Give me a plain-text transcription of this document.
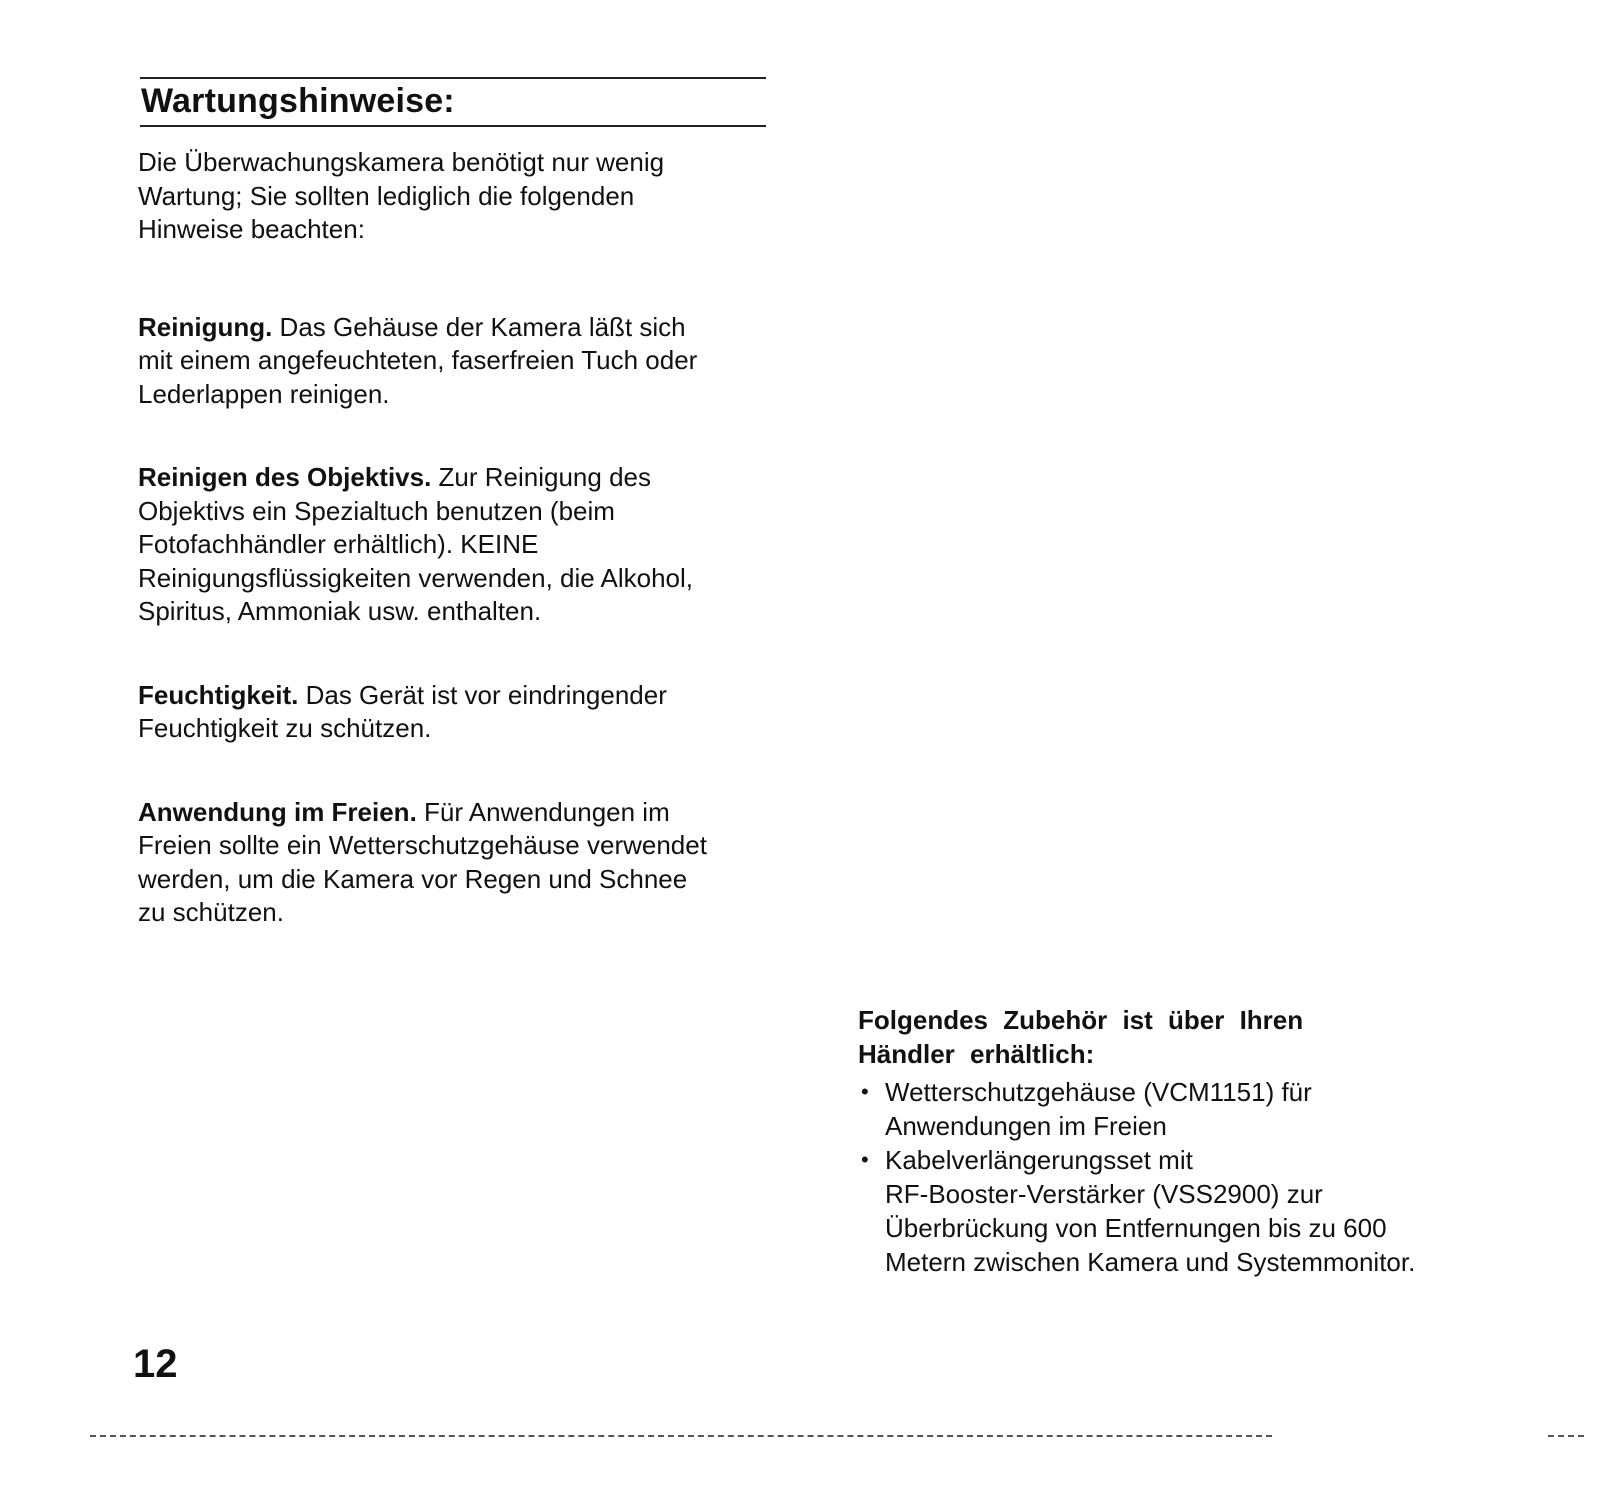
Wartungshinweise:

Die Überwachungskamera benötigt nur wenig
Wartung; Sie sollten lediglich die folgenden
Hinweise beachten:

Reinigung. Das Gehäuse der Kamera läßt sich
mit einem angefeuchteten, faserfreien Tuch oder
Lederlappen reinigen.

Reinigen des Objektivs. Zur Reinigung des
Objektivs ein Spezialtuch benutzen (beim
Fotofachhändler erhältlich). KEINE
Reinigungsflüssigkeiten verwenden, die Alkohol,
Spiritus, Ammoniak usw. enthalten.

Feuchtigkeit. Das Gerät ist vor eindringender
Feuchtigkeit zu schützen.

Anwendung im Freien. Für Anwendungen im
Freien sollte ein Wetterschutzgehäuse verwendet
werden, um die Kamera vor Regen und Schnee
zu schützen.

Folgendes Zubehör ist über Ihren
Händler erhältlich:

• Wetterschutzgehäuse (VCM1151) für
Anwendungen im Freien
• Kabelverlängerungsset mit
RF-Booster-Verstärker (VSS2900) zur
Überbrückung von Entfernungen bis zu 600
Metern zwischen Kamera und Systemmonitor.
12
